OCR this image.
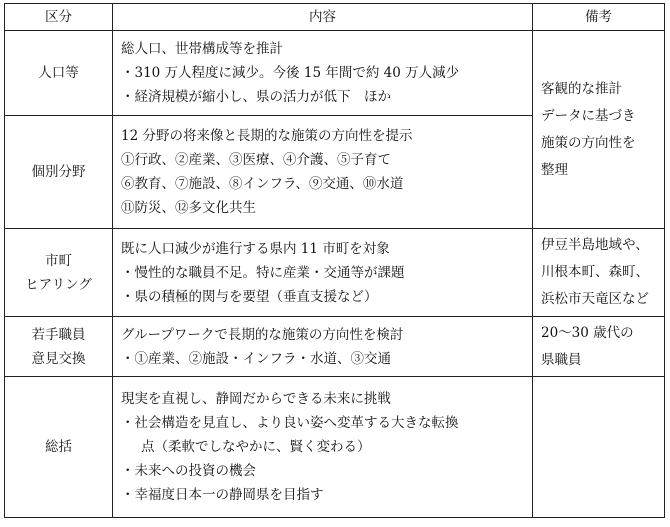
区分	内容	備考

人口等	総人口、世帯構成等を推計
・310 万人程度に減少。今後 15 年間で約 40 万人減少
・経済規模が縮小し、県の活力が低下　ほか	客観的な推計
データに基づき
施策の方向性を
整理

個別分野	12 分野の将来像と長期的な施策の方向性を提示
①行政、②産業、③医療、④介護、⑤子育て
⑥教育、⑦施設、⑧インフラ、⑨交通、⑩水道
⑪防災、⑫多文化共生	

市町
ヒアリング	既に人口減少が進行する県内 11 市町を対象
・慢性的な職員不足。特に産業・交通等が課題
・県の積極的関与を要望（垂直支援など）	伊豆半島地域や、
川根本町、森町、
浜松市天竜区など

若手職員
意見交換	グループワークで長期的な施策の方向性を検討
・①産業、②施設・インフラ・水道、③交通	20～30 歳代の
県職員

総括	現実を直視し、静岡だからできる未来に挑戦
・社会構造を見直し、より良い姿へ変革する大きな転換
点（柔軟でしなやかに、賢く変わる）
・未来への投資の機会
・幸福度日本一の静岡県を目指す	
